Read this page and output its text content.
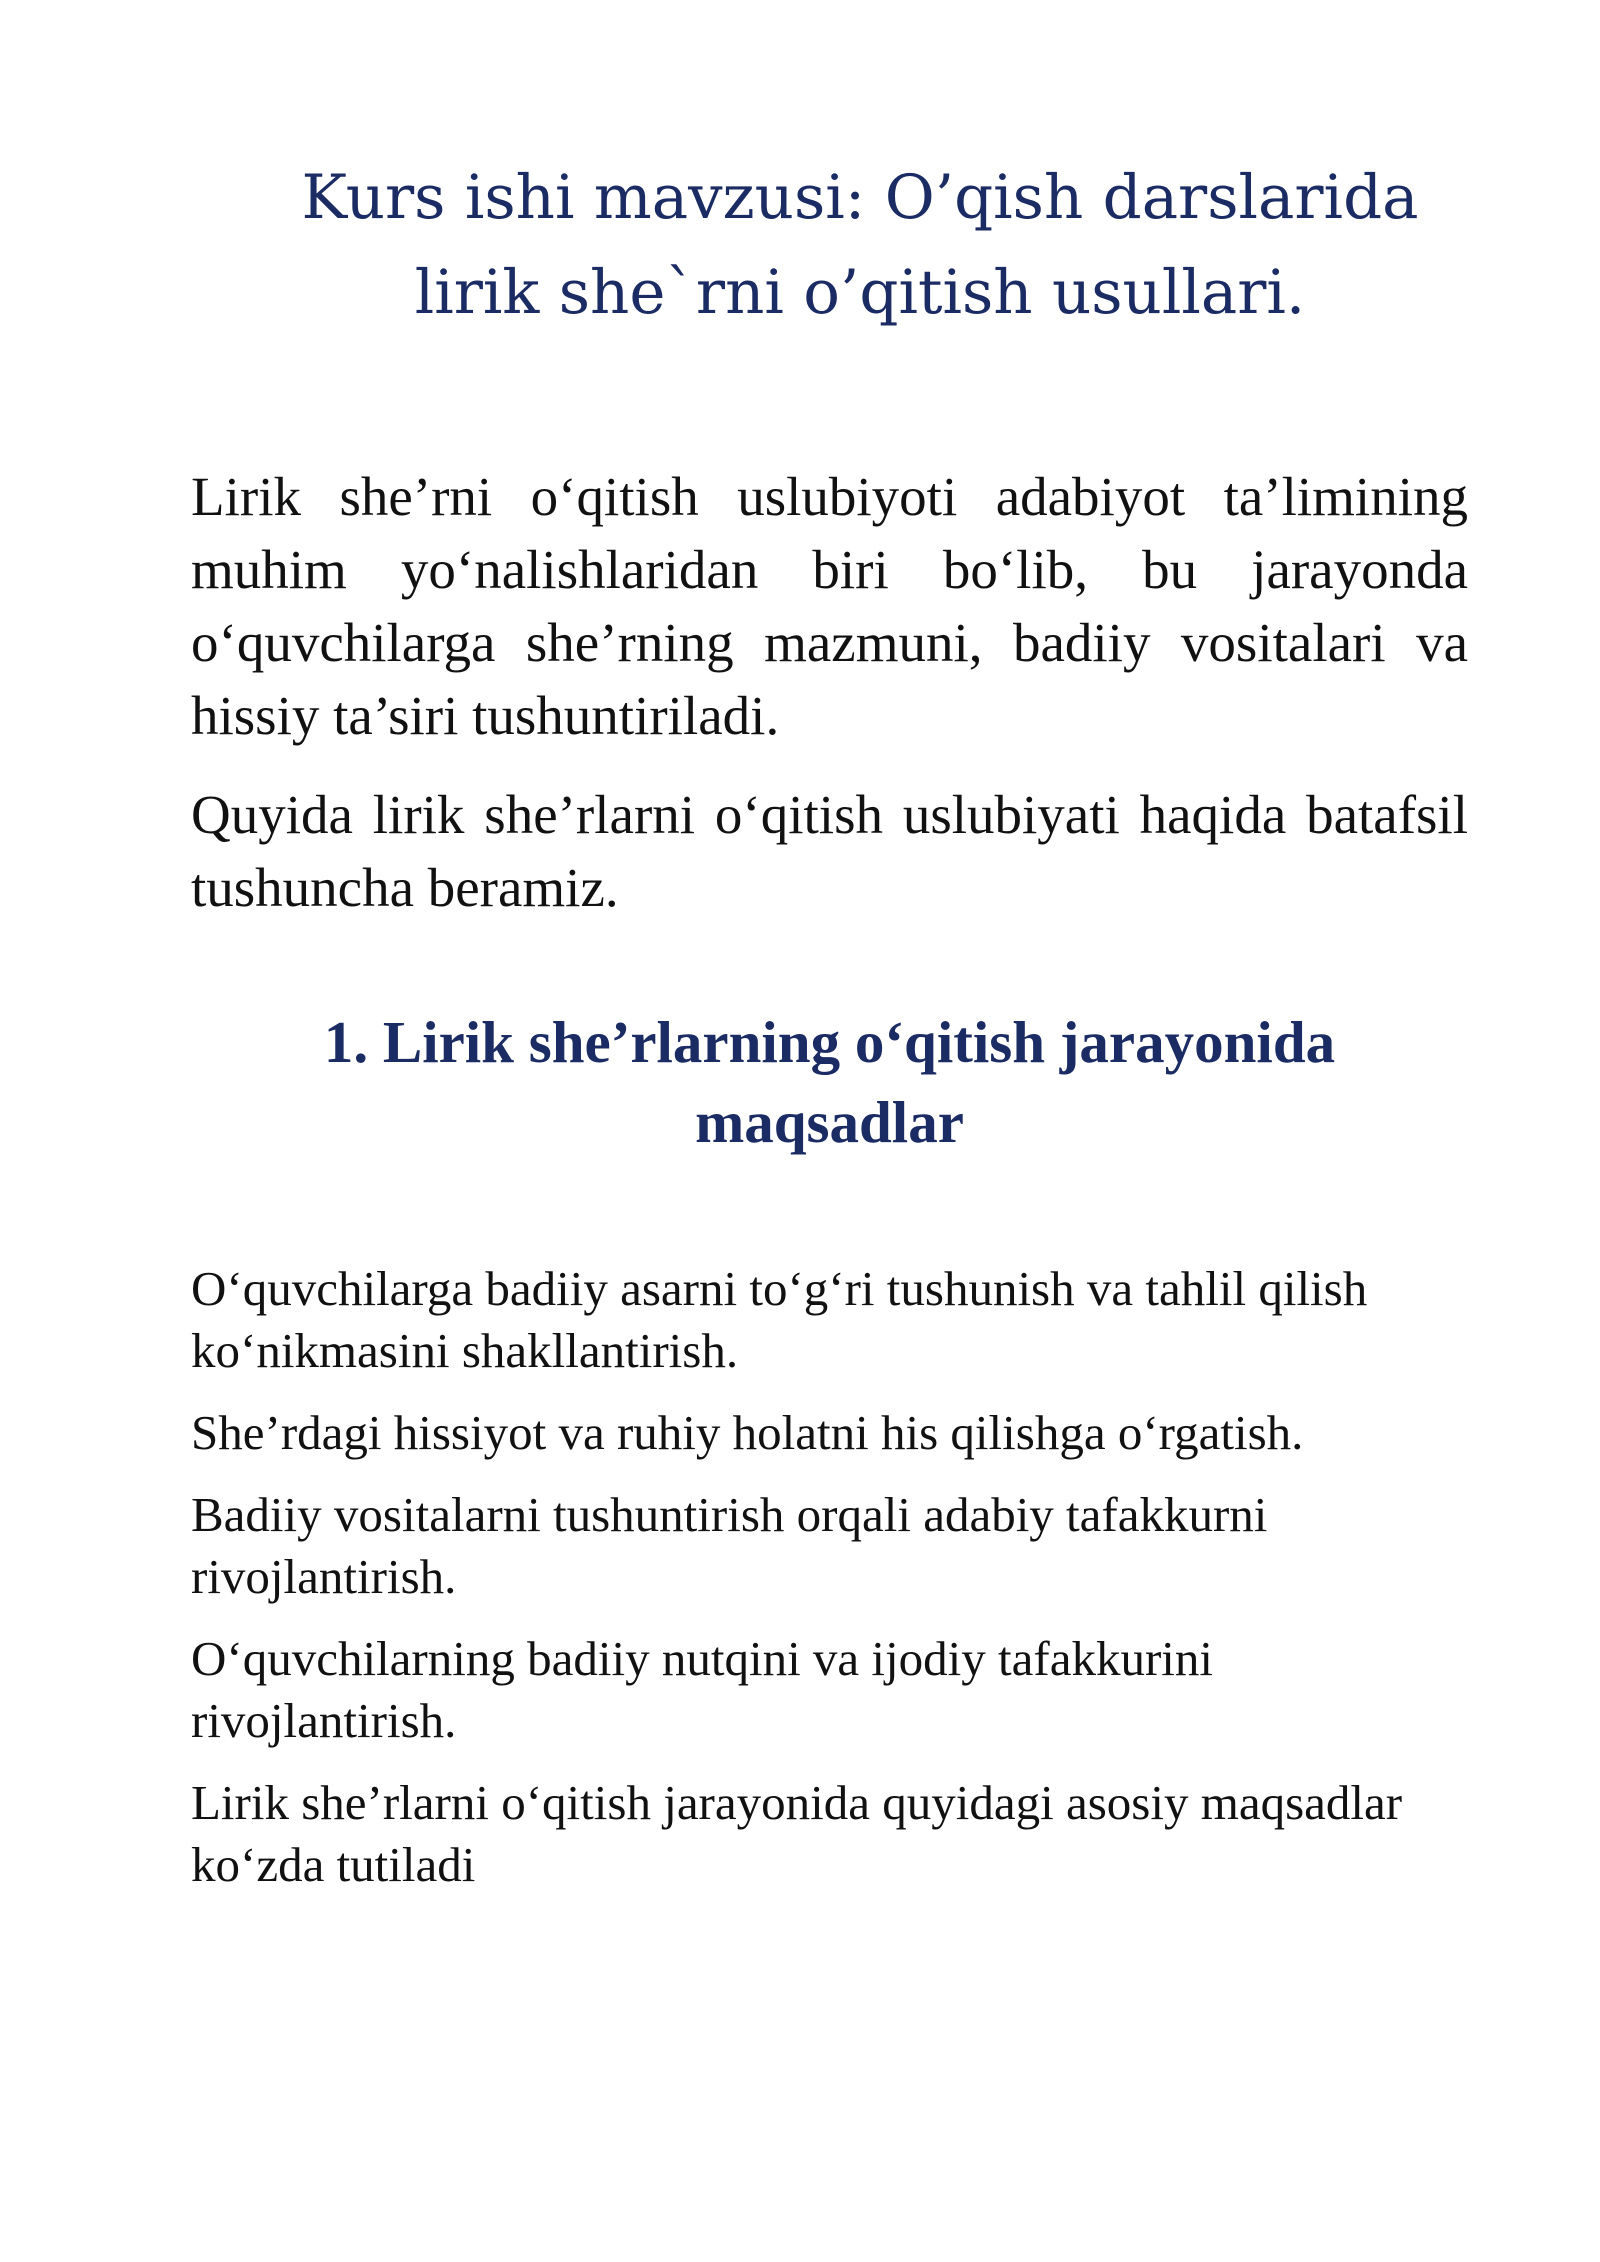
Kurs ishi mavzusi: O’qish darslarida
lirik she`rni o’qitish usullari.

Lirik she’rni o‘qitish uslubiyoti adabiyot ta’limining muhim yo‘nalishlaridan biri bo‘lib, bu jarayonda o‘quvchilarga she’rning mazmuni, badiiy vositalari va hissiy ta’siri tushuntiriladi.

Quyida lirik she’rlarni o‘qitish uslubiyati haqida batafsil tushuncha beramiz.

1. Lirik she’rlarning o‘qitish jarayonida maqsadlar
O‘quvchilarga badiiy asarni to‘g‘ri tushunish va tahlil qilish ko‘nikmasini shakllantirish.
She’rdagi hissiyot va ruhiy holatni his qilishga o‘rgatish.
Badiiy vositalarni tushuntirish orqali adabiy tafakkurni rivojlantirish.
O‘quvchilarning badiiy nutqini va ijodiy tafakkurini rivojlantirish.
Lirik she’rlarni o‘qitish jarayonida quyidagi asosiy maqsadlar ko‘zda tutiladi
